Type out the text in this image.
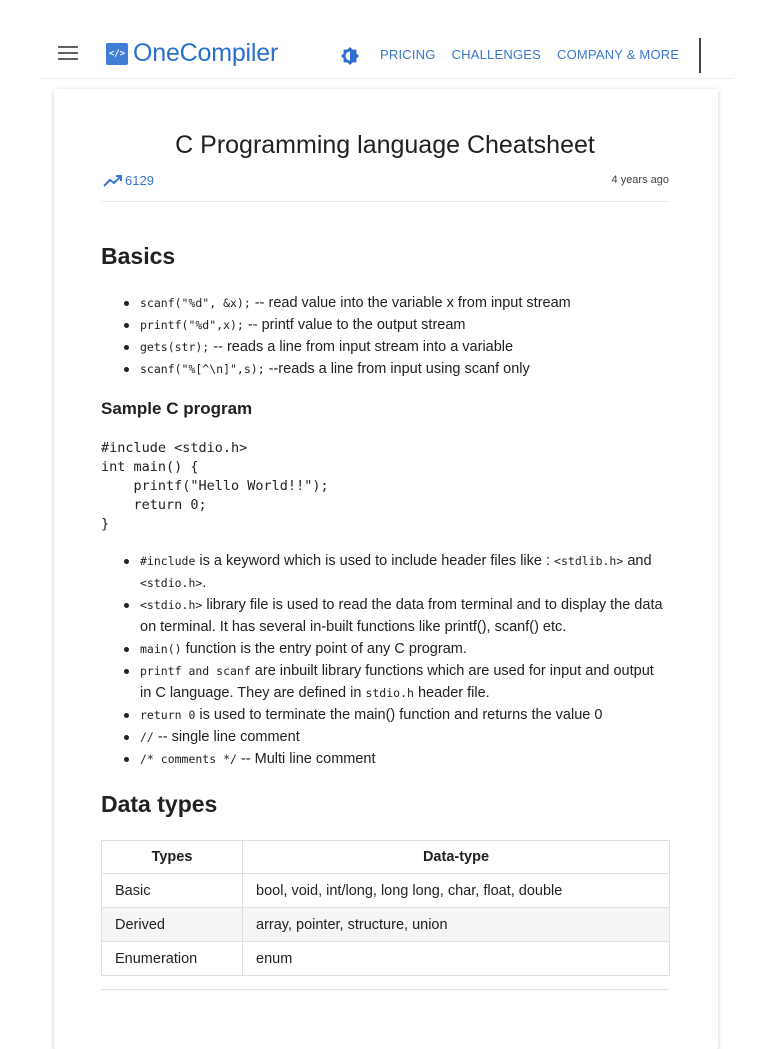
</> OneCompiler	PRICING CHALLENGES COMPANY & MORE
C Programming language Cheatsheet
6129	4 years ago
Basics
scanf("%d", &x); -- read value into the variable x from input stream
printf("%d",x); -- printf value to the output stream
gets(str); -- reads a line from input stream into a variable
scanf("%[^\n]",s); --reads a line from input using scanf only
Sample C program
#include <stdio.h>
int main() {
printf("Hello World!!");
return 0;
}
#include is a keyword which is used to include header files like : <stdlib.h> and <stdio.h>.
<stdio.h> library file is used to read the data from terminal and to display the data on terminal. It has several in-built functions like printf(), scanf() etc.
main() function is the entry point of any C program.
printf and scanf are inbuilt library functions which are used for input and output in C language. They are defined in stdio.h header file.
return 0 is used to terminate the main() function and returns the value 0
// -- single line comment
/* comments */ -- Multi line comment
Data types
Types	Data-type
Basic	bool, void, int/long, long long, char, float, double
Derived	array, pointer, structure, union
Enumeration	enum
